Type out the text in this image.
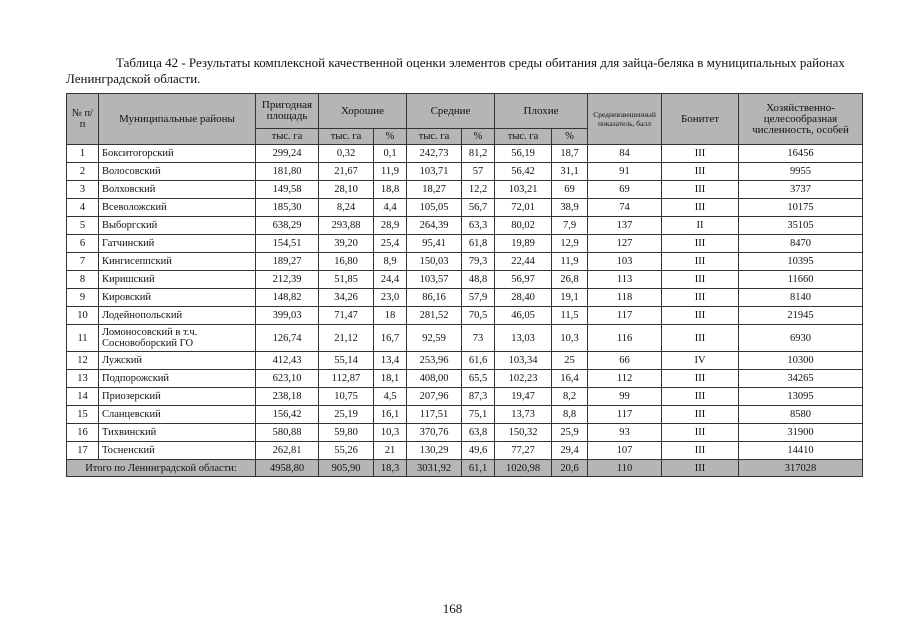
Таблица 42 - Результаты комплексной качественной оценки элементов среды обитания для зайца-беляка в муниципальных районах
Ленинградской области.
№ п/п	Муниципальные районы	Пригодная площадь	Хорошие		Средние		Плохие		Средневзвешенный показатель, балл	Бонитет	Хозяйственно-целесообразная численность, особей
		тыс. га	тыс. га	%	тыс. га	%	тыс. га	%			
1	Бокситогорский	299,24	0,32	0,1	242,73	81,2	56,19	18,7	84	III	16456
2	Волосовский	181,80	21,67	11,9	103,71	57	56,42	31,1	91	III	9955
3	Волховский	149,58	28,10	18,8	18,27	12,2	103,21	69	69	III	3737
4	Всеволожский	185,30	8,24	4,4	105,05	56,7	72,01	38,9	74	III	10175
5	Выборгский	638,29	293,88	28,9	264,39	63,3	80,02	7,9	137	II	35105
6	Гатчинский	154,51	39,20	25,4	95,41	61,8	19,89	12,9	127	III	8470
7	Кингисеппский	189,27	16,80	8,9	150,03	79,3	22,44	11,9	103	III	10395
8	Киришский	212,39	51,85	24,4	103,57	48,8	56,97	26,8	113	III	11660
9	Кировский	148,82	34,26	23,0	86,16	57,9	28,40	19,1	118	III	8140
10	Лодейнопольский	399,03	71,47	18	281,52	70,5	46,05	11,5	117	III	21945
11	Ломоносовский в т.ч. Сосновоборский ГО	126,74	21,12	16,7	92,59	73	13,03	10,3	116	III	6930
12	Лужский	412,43	55,14	13,4	253,96	61,6	103,34	25	66	IV	10300
13	Подпорожский	623,10	112,87	18,1	408,00	65,5	102,23	16,4	112	III	34265
14	Приозерский	238,18	10,75	4,5	207,96	87,3	19,47	8,2	99	III	13095
15	Сланцевский	156,42	25,19	16,1	117,51	75,1	13,73	8,8	117	III	8580
16	Тихвинский	580,88	59,80	10,3	370,76	63,8	150,32	25,9	93	III	31900
17	Тосненский	262,81	55,26	21	130,29	49,6	77,27	29,4	107	III	14410
Итого по Ленинградской области:		4958,80	905,90	18,3	3031,92	61,1	1020,98	20,6	110	III	317028
168
